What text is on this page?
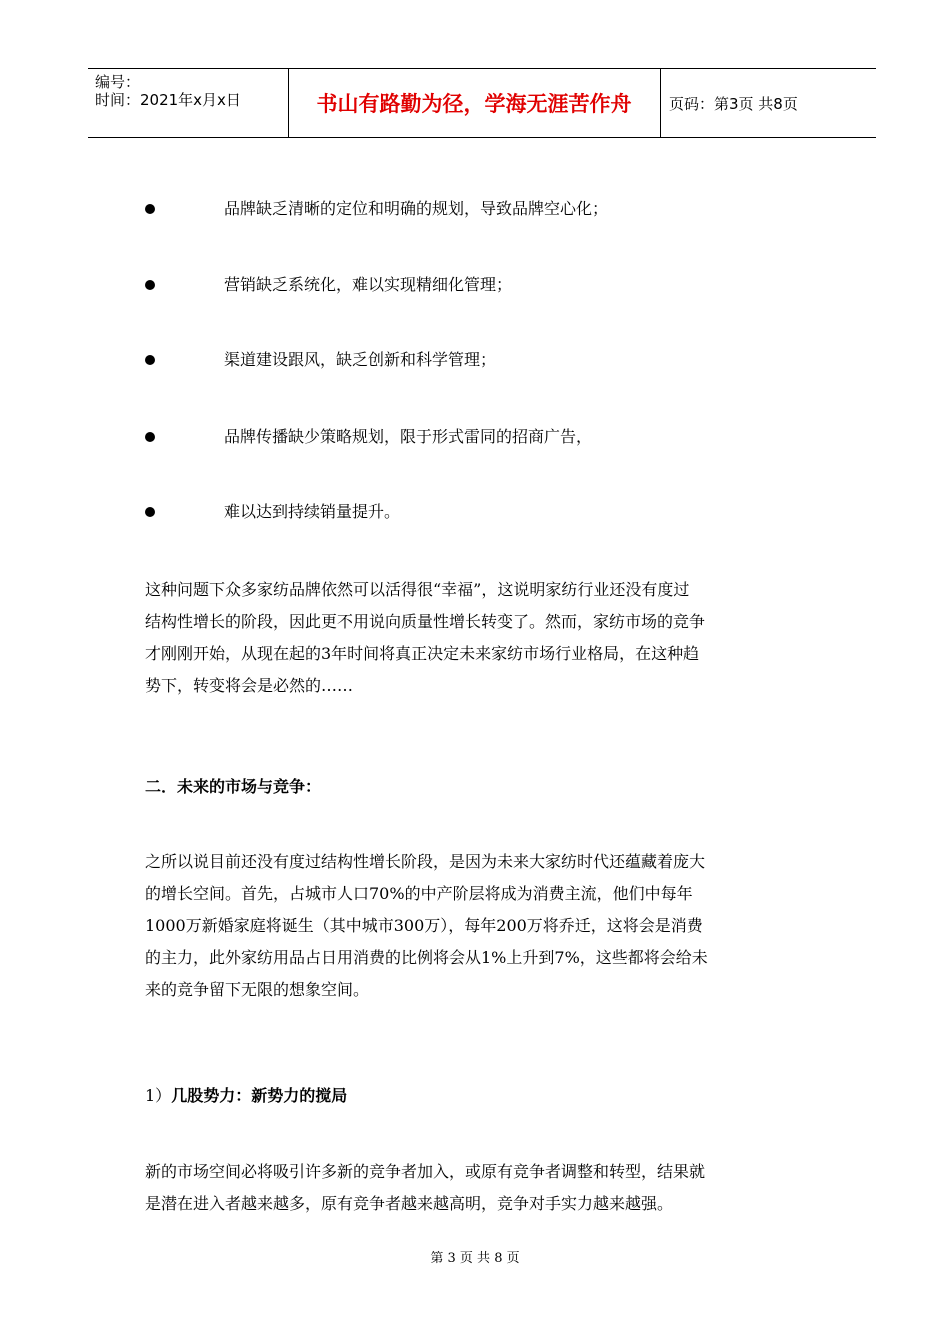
编号：
时间：2021年x月x日	书山有路勤为径，学海无涯苦作舟	页码：第3页 共8页
品牌缺乏清晰的定位和明确的规划，导致品牌空心化；
营销缺乏系统化，难以实现精细化管理；
渠道建设跟风，缺乏创新和科学管理；
品牌传播缺少策略规划，限于形式雷同的招商广告，
难以达到持续销量提升。
这种问题下众多家纺品牌依然可以活得很“幸福”，这说明家纺行业还没有度过
结构性增长的阶段，因此更不用说向质量性增长转变了。然而，家纺市场的竞争
才刚刚开始，从现在起的3年时间将真正决定未来家纺市场行业格局，在这种趋
势下，转变将会是必然的……
二．未来的市场与竞争：
之所以说目前还没有度过结构性增长阶段，是因为未来大家纺时代还蕴藏着庞大
的增长空间。首先，占城市人口70%的中产阶层将成为消费主流，他们中每年
1000万新婚家庭将诞生（其中城市300万），每年200万将乔迁，这将会是消费
的主力，此外家纺用品占日用消费的比例将会从1%上升到7%，这些都将会给未
来的竞争留下无限的想象空间。
1）几股势力：新势力的搅局
新的市场空间必将吸引许多新的竞争者加入，或原有竞争者调整和转型，结果就
是潜在进入者越来越多，原有竞争者越来越高明，竞争对手实力越来越强。
第 3 页 共 8 页
